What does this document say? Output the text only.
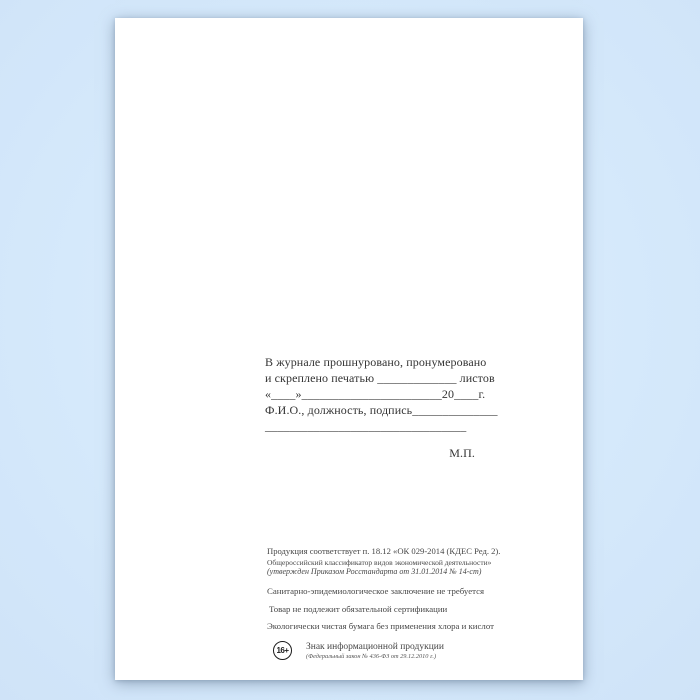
В журнале прошнуровано, пронумеровано
и скреплено печатью _____________ листов
«____»_______________________20____г.
Ф.И.О., должность, подпись______________
_________________________________
М.П.
Продукция соответствует п. 18.12 «ОК 029-2014 (КДЕС Ред. 2).
Общероссийский классификатор видов экономической деятельности»
(утвержден Приказом Росстандарта от 31.01.2014 № 14-ст)
Санитарно-эпидемиологическое заключение не требуется
Товар не подлежит обязательной сертификации
Экологически чистая бумага без применения хлора и кислот
16+	Знак информационной продукции
(Федеральный закон № 436-ФЗ от 29.12.2010 г.)
